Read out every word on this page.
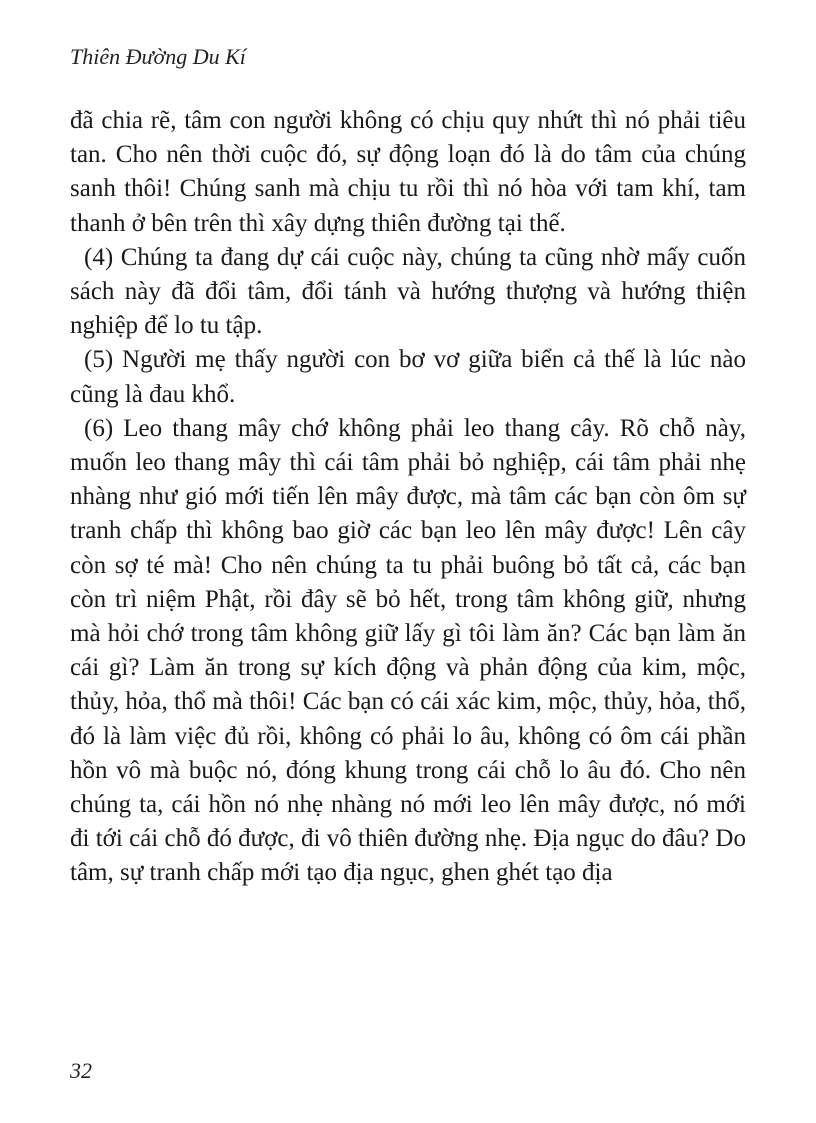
Thiên Đường Du Kí

đã chia rẽ, tâm con người không có chịu quy nhứt thì nó phải tiêu tan. Cho nên thời cuộc đó, sự động loạn đó là do tâm của chúng sanh thôi! Chúng sanh mà chịu tu rồi thì nó hòa với tam khí, tam thanh ở bên trên thì xây dựng thiên đường tại thế.

(4) Chúng ta đang dự cái cuộc này, chúng ta cũng nhờ mấy cuốn sách này đã đổi tâm, đổi tánh và hướng thượng và hướng thiện nghiệp để lo tu tập.

(5) Người mẹ thấy người con bơ vơ giữa biển cả thế là lúc nào cũng là đau khổ.

(6) Leo thang mây chớ không phải leo thang cây. Rõ chỗ này, muốn leo thang mây thì cái tâm phải bỏ nghiệp, cái tâm phải nhẹ nhàng như gió mới tiến lên mây được, mà tâm các bạn còn ôm sự tranh chấp thì không bao giờ các bạn leo lên mây được! Lên cây còn sợ té mà! Cho nên chúng ta tu phải buông bỏ tất cả, các bạn còn trì niệm Phật, rồi đây sẽ bỏ hết, trong tâm không giữ, nhưng mà hỏi chớ trong tâm không giữ lấy gì tôi làm ăn? Các bạn làm ăn cái gì? Làm ăn trong sự kích động và phản động của kim, mộc, thủy, hỏa, thổ mà thôi! Các bạn có cái xác kim, mộc, thủy, hỏa, thổ, đó là làm việc đủ rồi, không có phải lo âu, không có ôm cái phần hồn vô mà buộc nó, đóng khung trong cái chỗ lo âu đó. Cho nên chúng ta, cái hồn nó nhẹ nhàng nó mới leo lên mây được, nó mới đi tới cái chỗ đó được, đi vô thiên đường nhẹ. Địa ngục do đâu? Do tâm, sự tranh chấp mới tạo địa ngục, ghen ghét tạo địa

32
